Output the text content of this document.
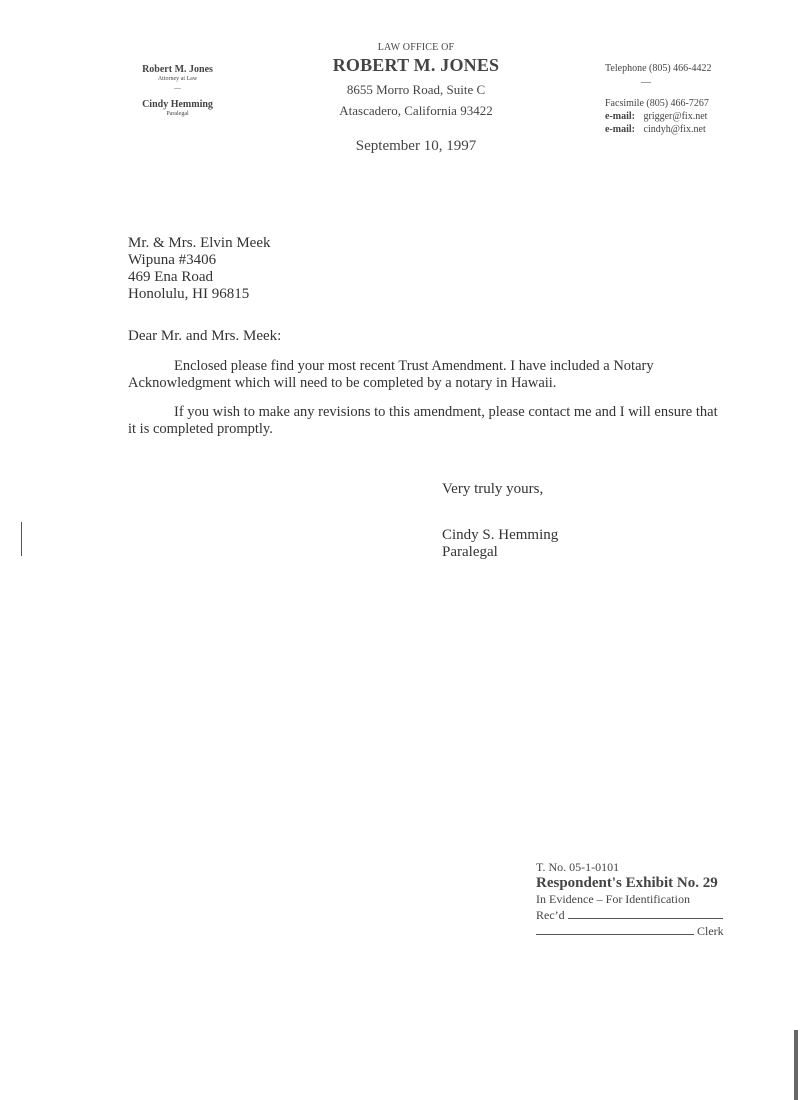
Robert M. Jones
Attorney at Law
—
Cindy Hemming
Paralegal
LAW OFFICE OF
ROBERT M. JONES
8655 Morro Road, Suite C
Atascadero, California 93422
September 10, 1997
Telephone (805) 466-4422
—
Facsimile (805) 466-7267
e-mail: grigger@fix.net
e-mail: cindyh@fix.net
Mr. & Mrs. Elvin Meek
Wipuna #3406
469 Ena Road
Honolulu, HI 96815
Dear Mr. and Mrs. Meek:
Enclosed please find your most recent Trust Amendment. I have included a Notary Acknowledgment which will need to be completed by a notary in Hawaii.
If you wish to make any revisions to this amendment, please contact me and I will ensure that it is completed promptly.
Very truly yours,
Cindy S. Hemming
Paralegal
T. No. 05-1-0101
Respondent's Exhibit No. 29
In Evidence – For Identification
Rec’d
Clerk
